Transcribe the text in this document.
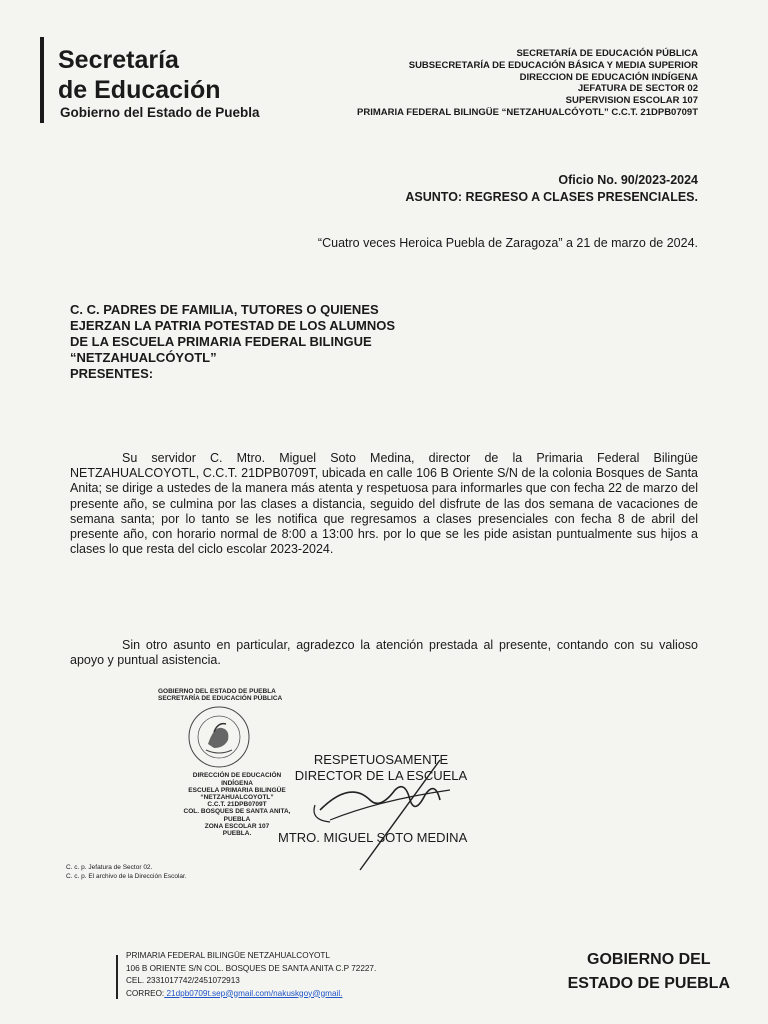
Secretaría
de Educación
Gobierno del Estado de Puebla
SECRETARÍA DE EDUCACIÓN PÚBLICA
SUBSECRETARÍA DE EDUCACIÓN BÁSICA Y MEDIA SUPERIOR
DIRECCION DE EDUCACIÓN INDÍGENA
JEFATURA DE SECTOR 02
SUPERVISION ESCOLAR 107
PRIMARIA FEDERAL BILINGÜE “NETZAHUALCÓYOTL” C.C.T. 21DPB0709T
Oficio No. 90/2023-2024
ASUNTO: REGRESO A CLASES PRESENCIALES.
“Cuatro veces Heroica Puebla de Zaragoza” a 21 de marzo de 2024.
C. C. PADRES DE FAMILIA, TUTORES O QUIENES
EJERZAN LA PATRIA POTESTAD DE LOS ALUMNOS
DE LA ESCUELA PRIMARIA FEDERAL BILINGUE
“NETZAHUALCÓYOTL”
PRESENTES:
Su servidor C. Mtro. Miguel Soto Medina, director de la Primaria Federal Bilingüe NETZAHUALCOYOTL, C.C.T. 21DPB0709T, ubicada en calle 106 B Oriente S/N de la colonia Bosques de Santa Anita; se dirige a ustedes de la manera más atenta y respetuosa para informarles que con fecha 22 de marzo del presente año, se culmina por las clases a distancia, seguido del disfrute de las dos semana de vacaciones de semana santa; por lo tanto se les notifica que regresamos a clases presenciales con fecha 8 de abril del presente año, con horario normal de 8:00 a 13:00 hrs. por lo que se les pide asistan puntualmente sus hijos a clases lo que resta del ciclo escolar 2023-2024.
Sin otro asunto en particular, agradezco la atención prestada al presente, contando con su valioso apoyo y puntual asistencia.
GOBIERNO DEL ESTADO DE PUEBLA
SECRETARÍA DE EDUCACIÓN PÚBLICA
DIRECCIÓN DE EDUCACIÓN
INDÍGENA
ESCUELA PRIMARIA BILINGÜE
“NETZAHUALCOYOTL”
C.C.T. 21DPB0709T
COL. BOSQUES DE SANTA ANITA, PUEBLA
ZONA ESCOLAR 107
PUEBLA.
RESPETUOSAMENTE
DIRECTOR DE LA ESCUELA
MTRO. MIGUEL SOTO MEDINA
C. c. p. Jefatura de Sector 02.
C. c. p. El archivo de la Dirección Escolar.
PRIMARIA FEDERAL BILINGÜE NETZAHUALCOYOTL
106 B ORIENTE S/N COL. BOSQUES DE SANTA ANITA C.P 72227.
CEL. 2331017742/2451072913
CORREO: 21dpb0709t.sep@gmail.com/nakuskgoy@gmail.
GOBIERNO DEL
ESTADO DE PUEBLA
